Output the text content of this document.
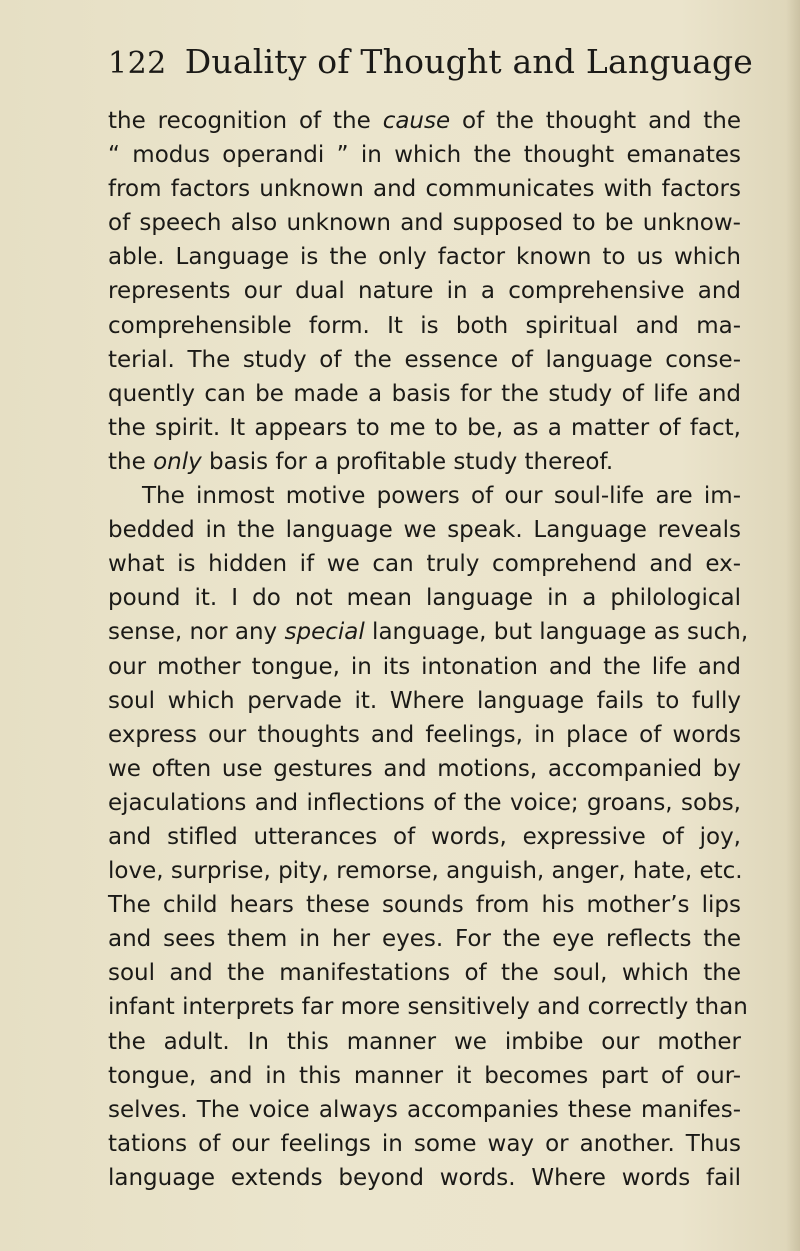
122 Duality of Thought and Language
the recognition of the cause of the thought and the
“ modus operandi ” in which the thought emanates
from factors unknown and communicates with factors
of speech also unknown and supposed to be unknow-
able. Language is the only factor known to us which
represents our dual nature in a comprehensive and
comprehensible form. It is both spiritual and ma-
terial. The study of the essence of language conse-
quently can be made a basis for the study of life and
the spirit. It appears to me to be, as a matter of fact,
the only basis for a profitable study thereof.
The inmost motive powers of our soul-life are im-
bedded in the language we speak. Language reveals
what is hidden if we can truly comprehend and ex-
pound it. I do not mean language in a philological
sense, nor any special language, but language as such,
our mother tongue, in its intonation and the life and
soul which pervade it. Where language fails to fully
express our thoughts and feelings, in place of words
we often use gestures and motions, accompanied by
ejaculations and inflections of the voice; groans, sobs,
and stifled utterances of words, expressive of joy,
love, surprise, pity, remorse, anguish, anger, hate, etc.
The child hears these sounds from his mother’s lips
and sees them in her eyes. For the eye reflects the
soul and the manifestations of the soul, which the
infant interprets far more sensitively and correctly than
the adult. In this manner we imbibe our mother
tongue, and in this manner it becomes part of our-
selves. The voice always accompanies these manifes-
tations of our feelings in some way or another. Thus
language extends beyond words. Where words fail
